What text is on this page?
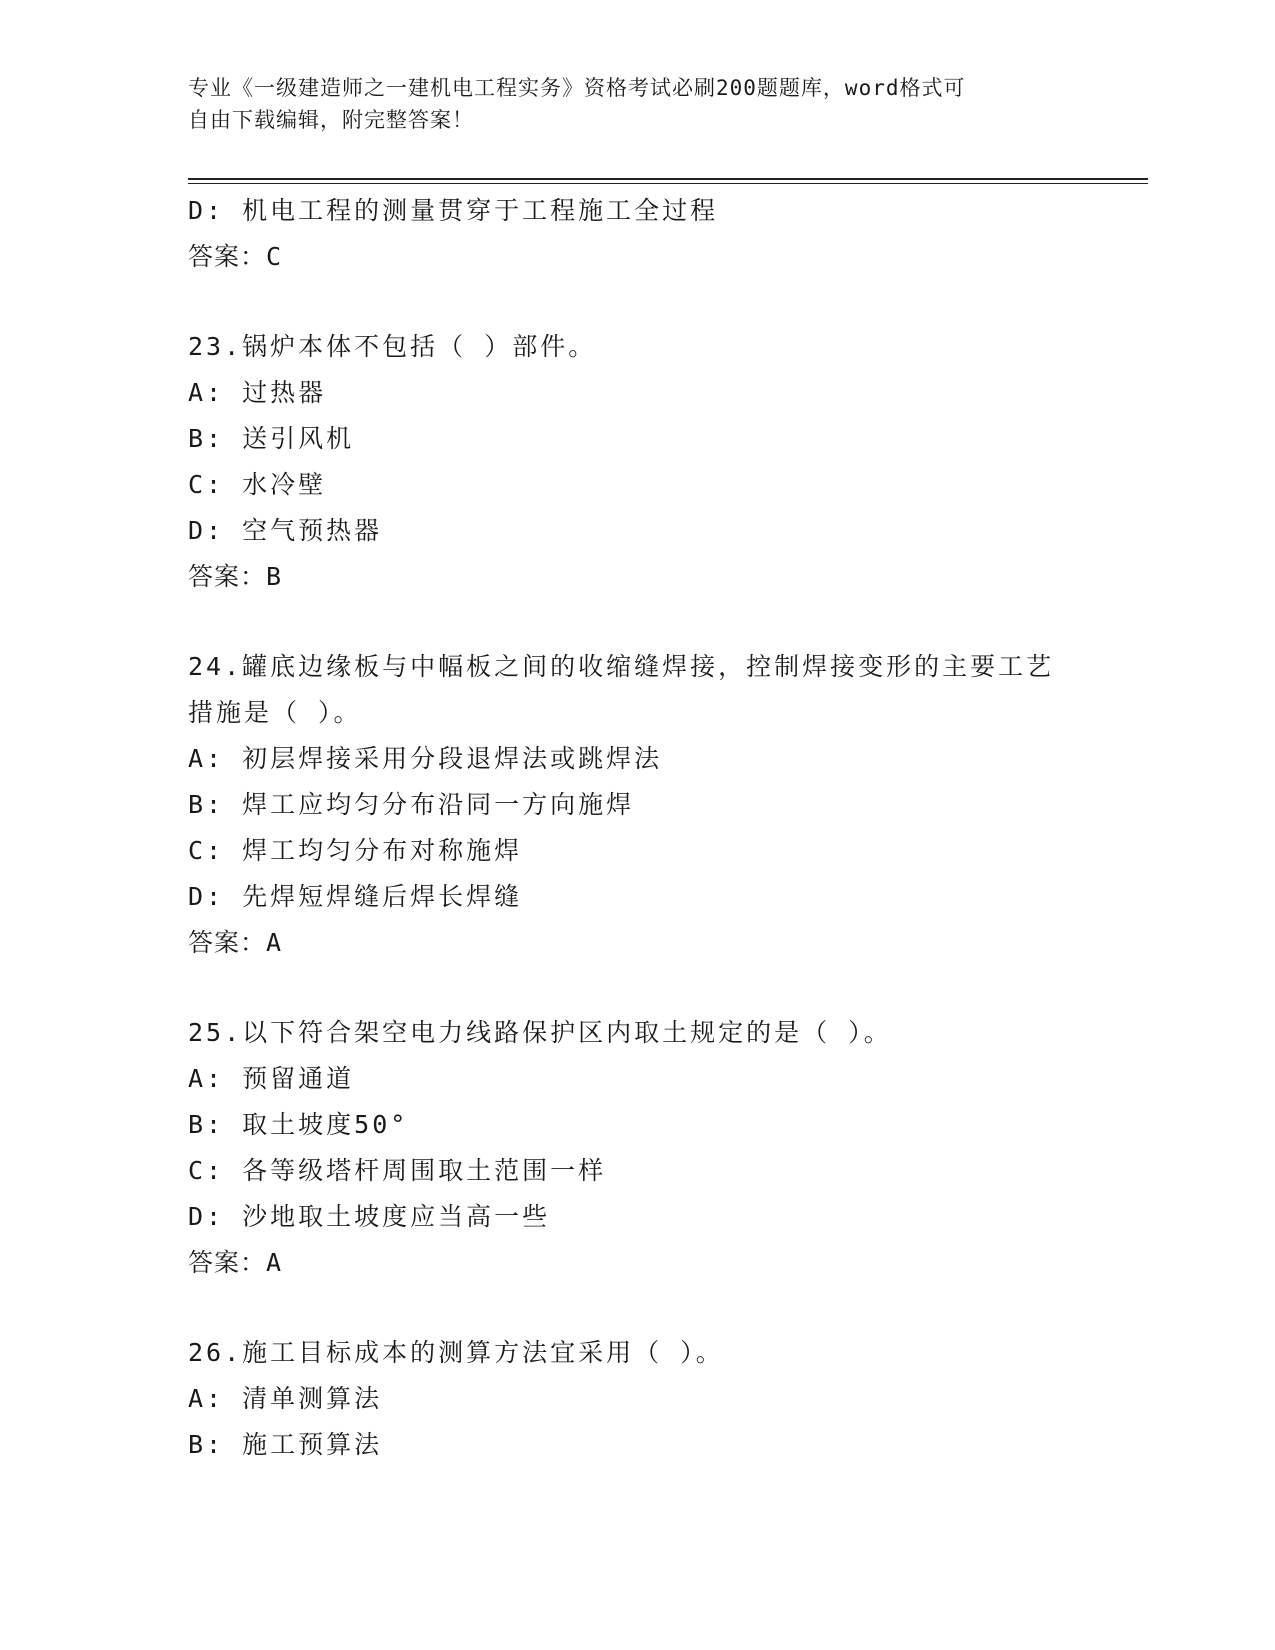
专业《一级建造师之一建机电工程实务》资格考试必刷200题题库，word格式可
自由下载编辑，附完整答案！
D: 机电工程的测量贯穿于工程施工全过程
答案：C
23.锅炉本体不包括（ ）部件。
A: 过热器
B: 送引风机
C: 水冷壁
D: 空气预热器
答案：B
24.罐底边缘板与中幅板之间的收缩缝焊接，控制焊接变形的主要工艺
措施是（ ）。
A: 初层焊接采用分段退焊法或跳焊法
B: 焊工应均匀分布沿同一方向施焊
C: 焊工均匀分布对称施焊
D: 先焊短焊缝后焊长焊缝
答案：A
25.以下符合架空电力线路保护区内取土规定的是（ ）。
A: 预留通道
B: 取土坡度50°
C: 各等级塔杆周围取土范围一样
D: 沙地取土坡度应当高一些
答案：A
26.施工目标成本的测算方法宜采用（ ）。
A: 清单测算法
B: 施工预算法
